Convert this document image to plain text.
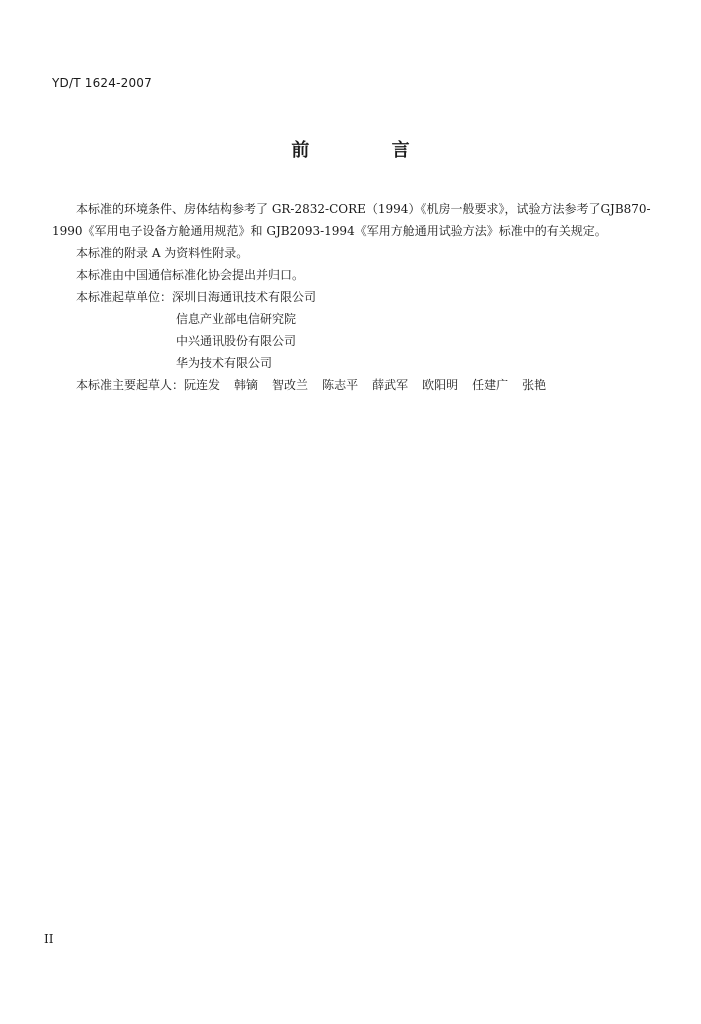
YD/T 1624-2007
前 言

本标准的环境条件、房体结构参考了 GR-2832-CORE（1994）《机房一般要求》，试验方法参考了GJB870-1990《军用电子设备方舱通用规范》和 GJB2093-1994《军用方舱通用试验方法》标准中的有关规定。

本标准的附录 A 为资料性附录。

本标准由中国通信标准化协会提出并归口。

本标准起草单位：深圳日海通讯技术有限公司

信息产业部电信研究院
中兴通讯股份有限公司
华为技术有限公司

本标准主要起草人：阮连发 韩镝 智改兰 陈志平 薛武军 欧阳明 任建广 张艳

II
